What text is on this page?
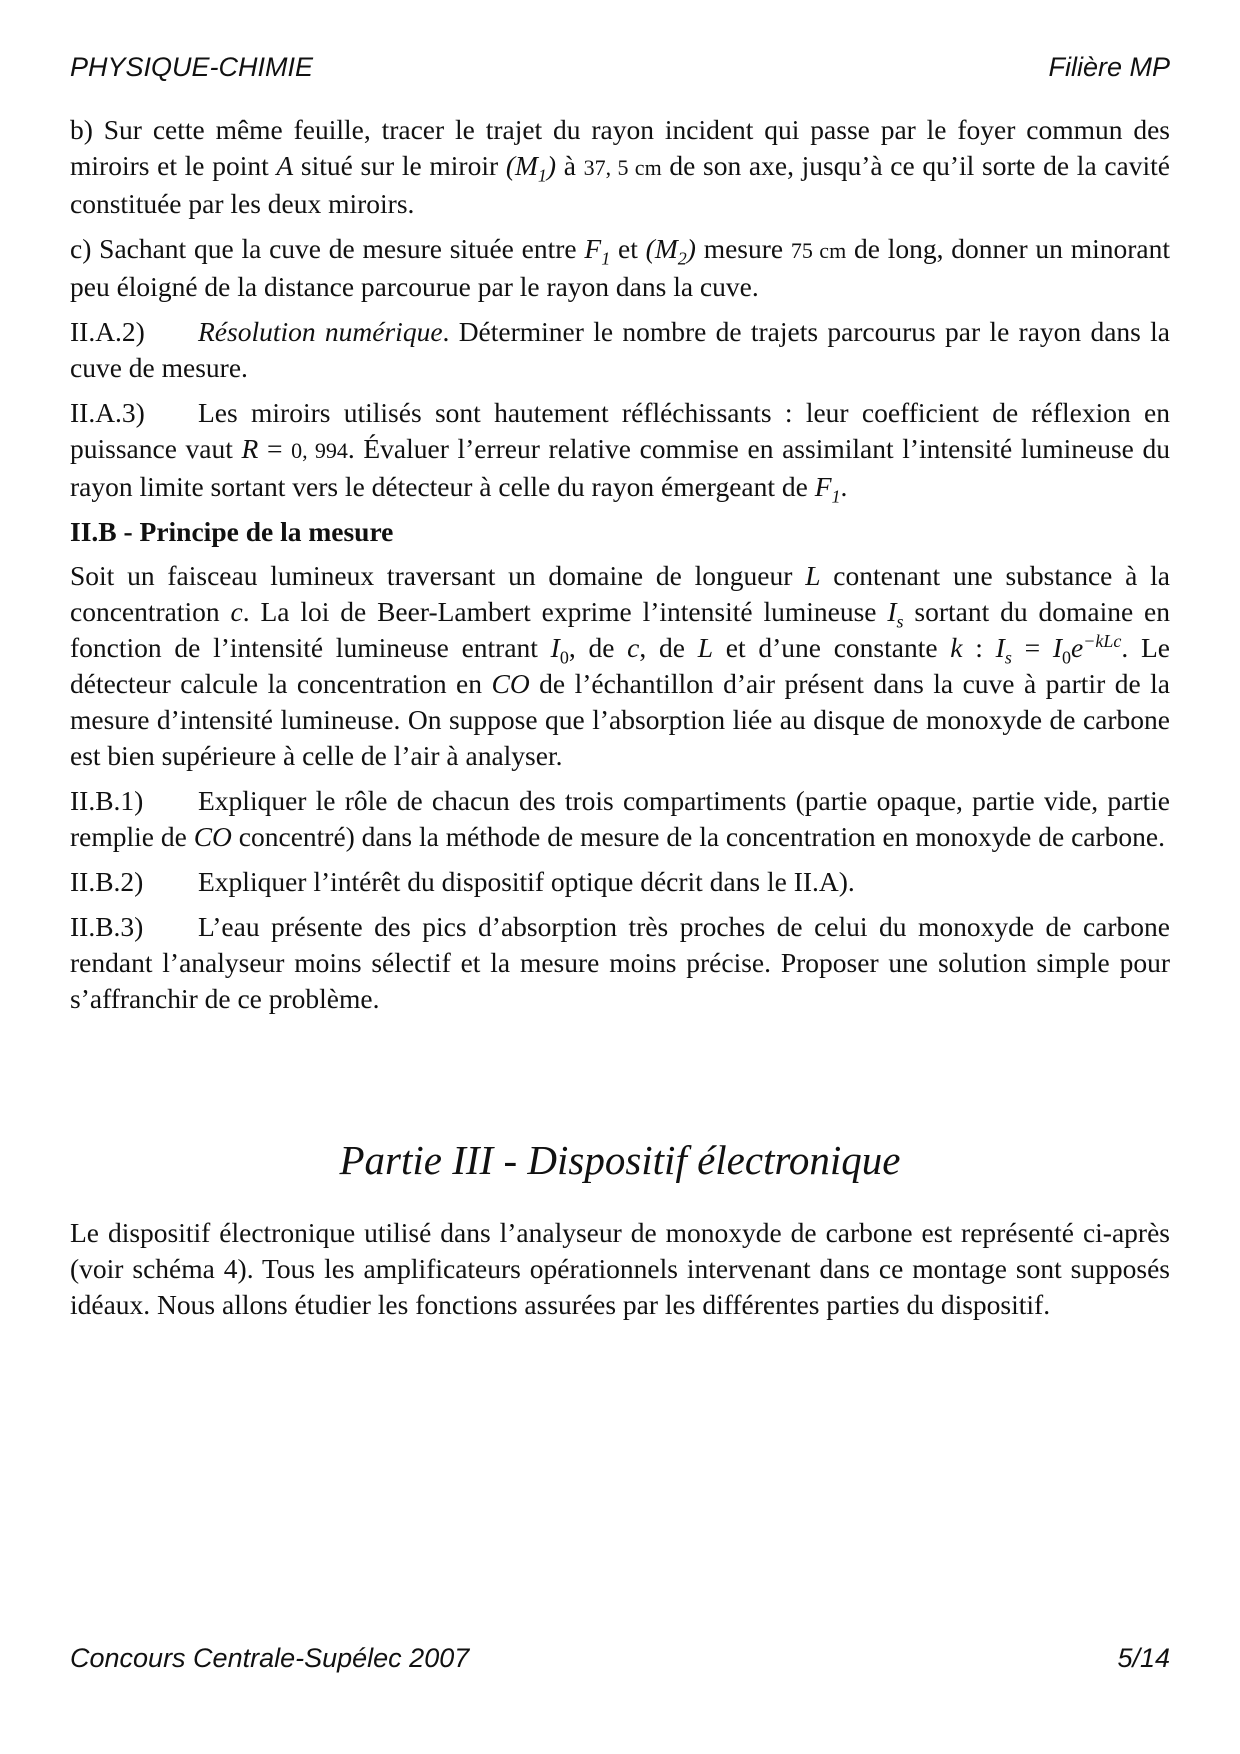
PHYSIQUE-CHIMIE	Filière MP

b) Sur cette même feuille, tracer le trajet du rayon incident qui passe par le foyer commun des miroirs et le point A situé sur le miroir $(M_1)$ à 37, 5 cm de son axe, jusqu’à ce qu’il sorte de la cavité constituée par les deux miroirs.

c) Sachant que la cuve de mesure située entre $F_1$ et $(M_2)$ mesure 75 cm de long, donner un minorant peu éloigné de la distance parcourue par le rayon dans la cuve.

II.A.2) Résolution numérique. Déterminer le nombre de trajets parcourus par le rayon dans la cuve de mesure.

II.A.3) Les miroirs utilisés sont hautement réfléchissants : leur coefficient de réflexion en puissance vaut R = 0, 994. Évaluer l’erreur relative commise en assimilant l’intensité lumineuse du rayon limite sortant vers le détecteur à celle du rayon émergeant de $F_1$.

II.B - Principe de la mesure

Soit un faisceau lumineux traversant un domaine de longueur L contenant une substance à la concentration c. La loi de Beer-Lambert exprime l’intensité lumineuse $I_s$ sortant du domaine en fonction de l’intensité lumineuse entrant $I_0$, de c, de L et d’une constante k : $I_s = I_0e^{-kLc}$. Le détecteur calcule la concentration en CO de l’échantillon d’air présent dans la cuve à partir de la mesure d’intensité lumineuse. On suppose que l’absorption liée au disque de monoxyde de carbone est bien supérieure à celle de l’air à analyser.

II.B.1) Expliquer le rôle de chacun des trois compartiments (partie opaque, partie vide, partie remplie de CO concentré) dans la méthode de mesure de la concentration en monoxyde de carbone.

II.B.2) Expliquer l’intérêt du dispositif optique décrit dans le II.A).

II.B.3) L’eau présente des pics d’absorption très proches de celui du monoxyde de carbone rendant l’analyseur moins sélectif et la mesure moins précise. Proposer une solution simple pour s’affranchir de ce problème.

Partie III - Dispositif électronique

Le dispositif électronique utilisé dans l’analyseur de monoxyde de carbone est représenté ci-après (voir schéma 4). Tous les amplificateurs opérationnels intervenant dans ce montage sont supposés idéaux. Nous allons étudier les fonctions assurées par les différentes parties du dispositif.

Concours Centrale-Supélec 2007	5/14
